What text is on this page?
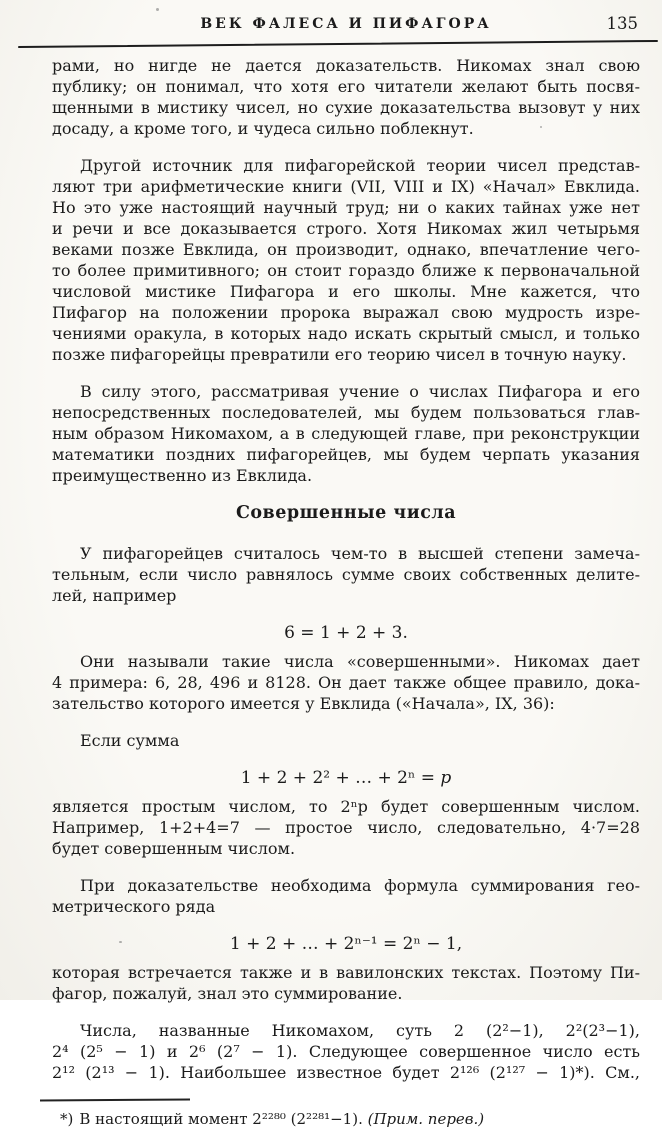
ВЕК ФАЛЕСА И ПИФАГОРА	135

рами, но нигде не дается доказательств. Никомах знал свою
публику; он понимал, что хотя его читатели желают быть посвя-
щенными в мистику чисел, но сухие доказательства вызовут у них
досаду, а кроме того, и чудеса сильно поблекнут.

Другой источник для пифагорейской теории чисел представ-
ляют три арифметические книги (VII, VIII и IX) «Начал» Евклида.
Но это уже настоящий научный труд; ни о каких тайнах уже нет
и речи и все доказывается строго. Хотя Никомах жил четырьмя
веками позже Евклида, он производит, однако, впечатление чего-
то более примитивного; он стоит гораздо ближе к первоначальной
числовой мистике Пифагора и его школы. Мне кажется, что
Пифагор на положении пророка выражал свою мудрость изре-
чениями оракула, в которых надо искать скрытый смысл, и только
позже пифагорейцы превратили его теорию чисел в точную науку.

В силу этого, рассматривая учение о числах Пифагора и его
непосредственных последователей, мы будем пользоваться глав-
ным образом Никомахом, а в следующей главе, при реконструкции
математики поздних пифагорейцев, мы будем черпать указания
преимущественно из Евклида.

Совершенные числа

У пифагорейцев считалось чем-то в высшей степени замеча-
тельным, если число равнялось сумме своих собственных делите-
лей, например

6 = 1 + 2 + 3.

Они называли такие числа «совершенными». Никомах дает
4 примера: 6, 28, 496 и 8128. Он дает также общее правило, дока-
зательство которого имеется у Евклида («Начала», IX, 36):

Если сумма

1 + 2 + 2² + … + 2ⁿ = p

является простым числом, то 2ⁿp будет совершенным числом.
Например, 1+2+4=7 — простое число, следовательно, 4·7=28
будет совершенным числом.

При доказательстве необходима формула суммирования гео-
метрического ряда

1 + 2 + … + 2ⁿ⁻¹ = 2ⁿ − 1,

которая встречается также и в вавилонских текстах. Поэтому Пи-
фагор, пожалуй, знал это суммирование.

Числа, названные Никомахом, суть 2 (2²−1), 2²(2³−1),
2⁴ (2⁵ − 1) и 2⁶ (2⁷ − 1). Следующее совершенное число есть
2¹² (2¹³ − 1). Наибольшее известное будет 2¹²⁶ (2¹²⁷ − 1)*). См.,

*) В настоящий момент 2²²⁸⁰ (2²²⁸¹−1). (Прим. перев.)
